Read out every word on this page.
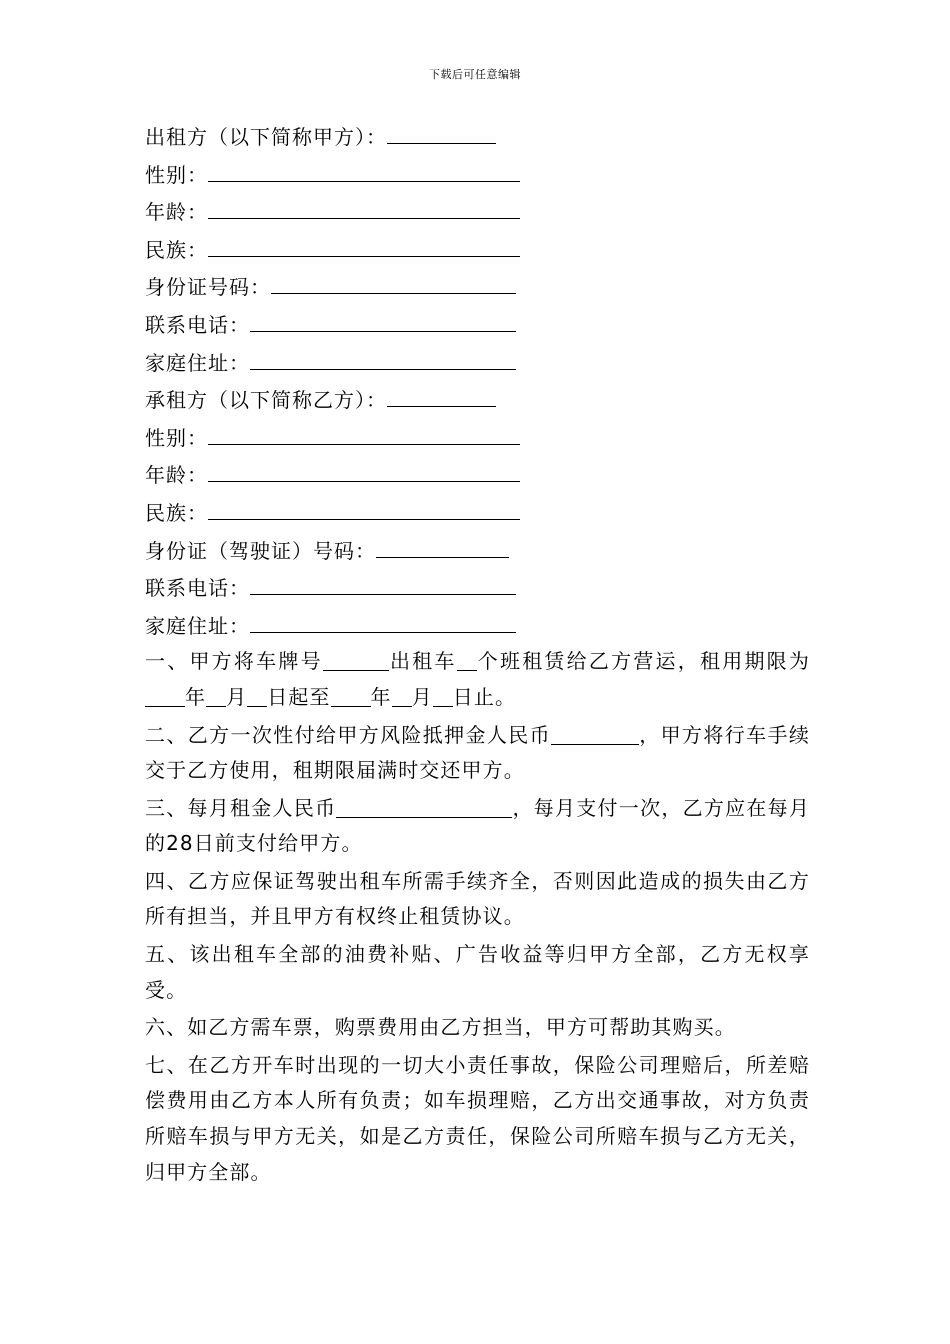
下载后可任意编辑
出租方（以下简称甲方）：
性别：
年龄：
民族：
身份证号码：
联系电话：
家庭住址：
承租方（以下简称乙方）：
性别：
年龄：
民族：
身份证（驾驶证）号码：
联系电话：
家庭住址：

一、甲方将车牌号	出租车 个班租赁给乙方营运，租用期限为年 月 日起至 年 月 日止。

二、乙方一次性付给甲方风险抵押金人民币	，甲方将行车手续交于乙方使用，租期限届满时交还甲方。

三、每月租金人民币	，每月支付一次，乙方应在每月的28日前支付给甲方。

四、乙方应保证驾驶出租车所需手续齐全，否则因此造成的损失由乙方所有担当，并且甲方有权终止租赁协议。

五、该出租车全部的油费补贴、广告收益等归甲方全部，乙方无权享受。

六、如乙方需车票，购票费用由乙方担当，甲方可帮助其购买。

七、在乙方开车时出现的一切大小责任事故，保险公司理赔后，所差赔偿费用由乙方本人所有负责；如车损理赔，乙方出交通事故，对方负责所赔车损与甲方无关，如是乙方责任，保险公司所赔车损与乙方无关，归甲方全部。
